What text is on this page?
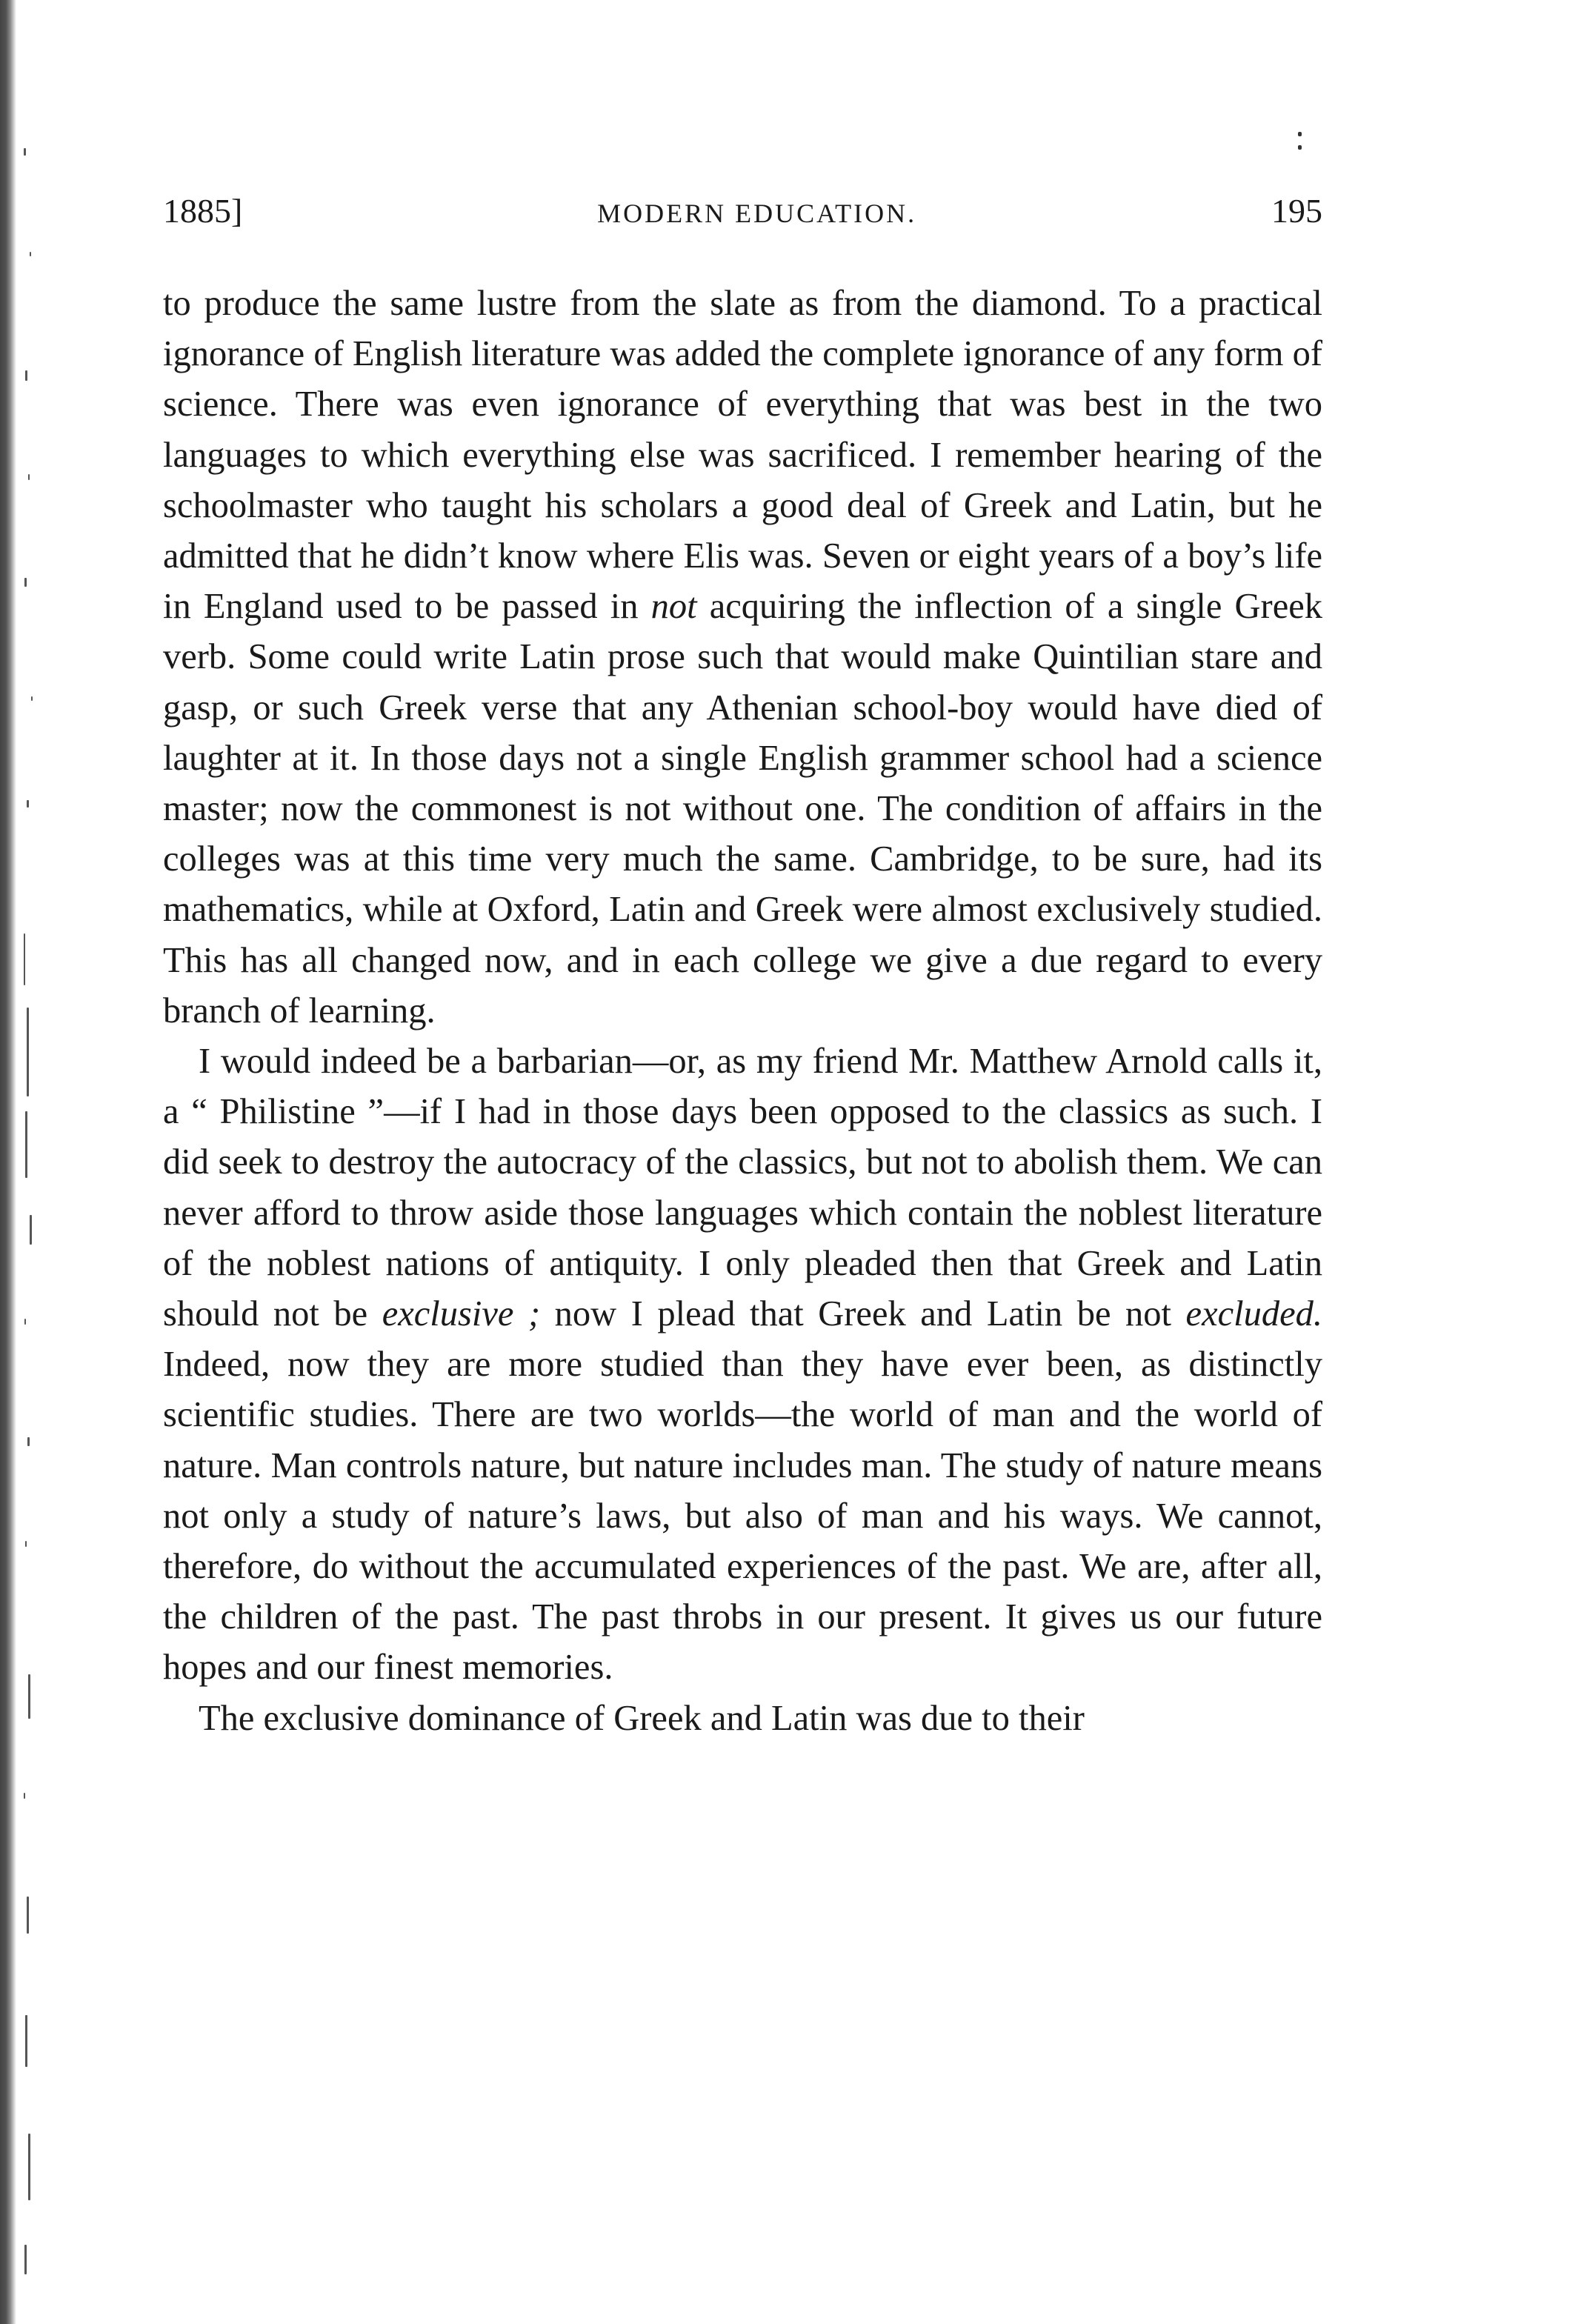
1885]	MODERN EDUCATION.	195

to produce the same lustre from the slate as from the diamond. To a practical ignorance of English literature was added the complete ignorance of any form of science. There was even ignorance of everything that was best in the two languages to which everything else was sacrificed. I remember hearing of the schoolmaster who taught his scholars a good deal of Greek and Latin, but he admitted that he didn’t know where Elis was. Seven or eight years of a boy’s life in England used to be passed in not acquiring the inflection of a single Greek verb. Some could write Latin prose such that would make Quintilian stare and gasp, or such Greek verse that any Athenian school-boy would have died of laughter at it. In those days not a single English grammer school had a science master; now the commonest is not without one. The condition of affairs in the colleges was at this time very much the same. Cambridge, to be sure, had its mathematics, while at Oxford, Latin and Greek were almost exclusively studied. This has all changed now, and in each college we give a due regard to every branch of learning.

I would indeed be a barbarian—or, as my friend Mr. Matthew Arnold calls it, a “ Philistine ”—if I had in those days been opposed to the classics as such. I did seek to destroy the autocracy of the classics, but not to abolish them. We can never afford to throw aside those languages which contain the noblest literature of the noblest nations of antiquity. I only pleaded then that Greek and Latin should not be exclusive ; now I plead that Greek and Latin be not excluded. Indeed, now they are more studied than they have ever been, as distinctly scientific studies. There are two worlds—the world of man and the world of nature. Man controls nature, but nature includes man. The study of nature means not only a study of nature’s laws, but also of man and his ways. We cannot, therefore, do without the accumulated experiences of the past. We are, after all, the children of the past. The past throbs in our present. It gives us our future hopes and our finest memories.

The exclusive dominance of Greek and Latin was due to their
